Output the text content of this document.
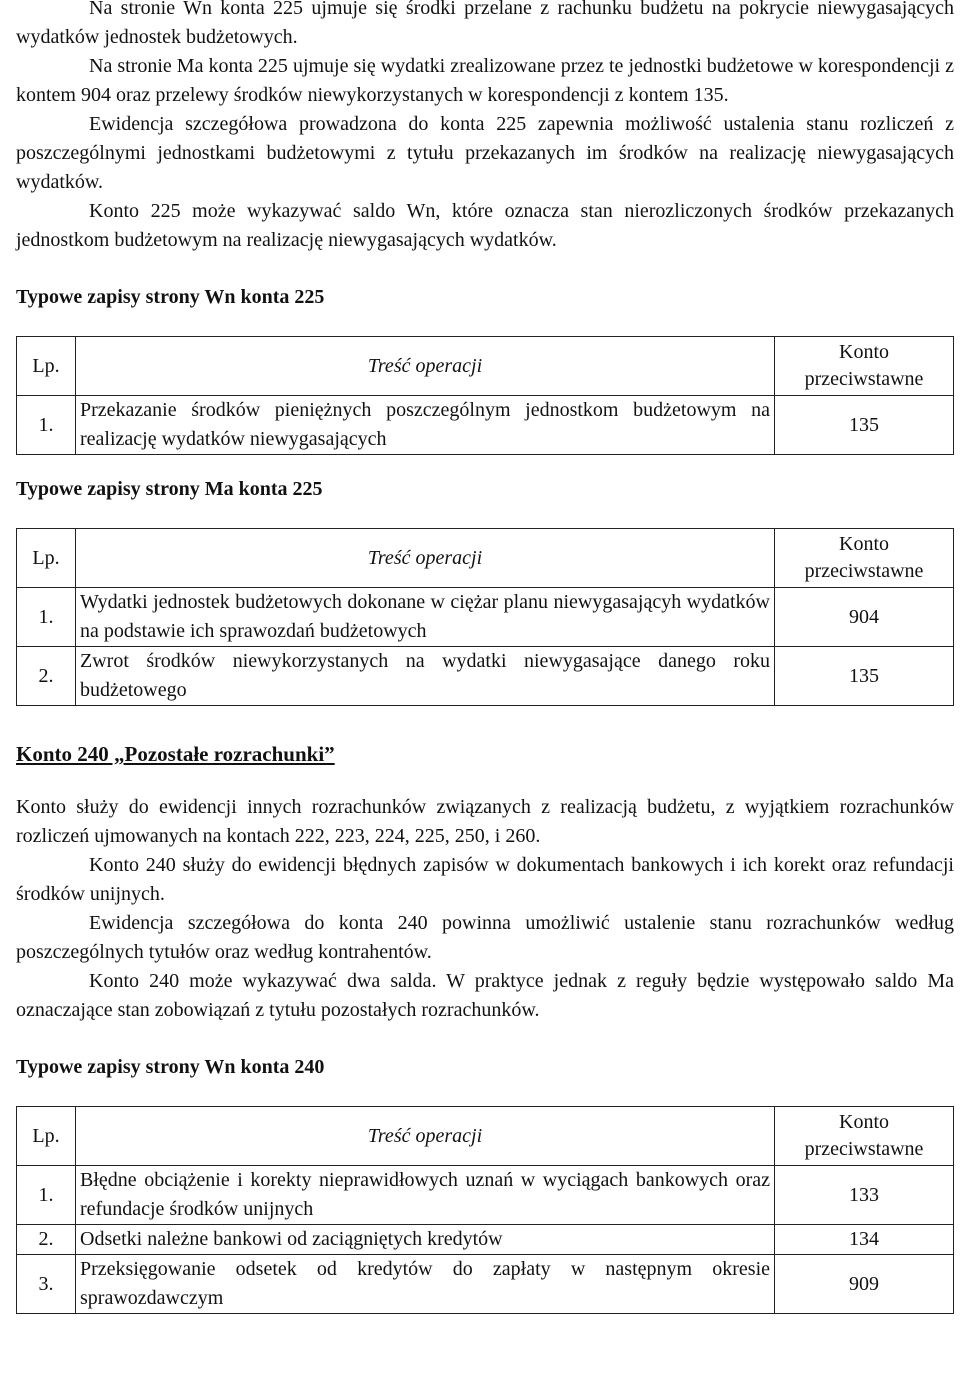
Na stronie Wn konta 225 ujmuje się środki przelane z rachunku budżetu na pokrycie niewygasających wydatków jednostek budżetowych.

Na stronie Ma konta 225 ujmuje się wydatki zrealizowane przez te jednostki budżetowe w korespondencji z kontem 904 oraz przelewy środków niewykorzystanych w korespondencji z kontem 135.

Ewidencja szczegółowa prowadzona do konta 225 zapewnia możliwość ustalenia stanu rozliczeń z poszczególnymi jednostkami budżetowymi z tytułu przekazanych im środków na realizację niewygasających wydatków.

Konto 225 może wykazywać saldo Wn, które oznacza stan nierozliczonych środków przekazanych jednostkom budżetowym na realizację niewygasających wydatków.

Typowe zapisy strony Wn konta 225
Lp.	Treść operacji	Konto
przeciwstawne
1.	Przekazanie środków pieniężnych poszczególnym jednostkom budżetowym na realizację wydatków niewygasających	135
Typowe zapisy strony Ma konta 225
Lp.	Treść operacji	Konto
przeciwstawne
1.	Wydatki jednostek budżetowych dokonane w ciężar planu niewygasającyh wydatków na podstawie ich sprawozdań budżetowych	904
2.	Zwrot środków niewykorzystanych na wydatki niewygasające danego roku budżetowego	135
Konto 240 „Pozostałe rozrachunki”

Konto służy do ewidencji innych rozrachunków związanych z realizacją budżetu, z wyjątkiem rozrachunków rozliczeń ujmowanych na kontach 222, 223, 224, 225, 250, i 260.

Konto 240 służy do ewidencji błędnych zapisów w dokumentach bankowych i ich korekt oraz refundacji środków unijnych.

Ewidencja szczegółowa do konta 240 powinna umożliwić ustalenie stanu rozrachunków według poszczególnych tytułów oraz według kontrahentów.

Konto 240 może wykazywać dwa salda. W praktyce jednak z reguły będzie występowało saldo Ma oznaczające stan zobowiązań z tytułu pozostałych rozrachunków.

Typowe zapisy strony Wn konta 240
Lp.	Treść operacji	Konto
przeciwstawne
1.	Błędne obciążenie i korekty nieprawidłowych uznań w wyciągach bankowych oraz refundacje środków unijnych	133
2.	Odsetki należne bankowi od zaciągniętych kredytów	134
3.	Przeksięgowanie odsetek od kredytów do zapłaty w następnym okresie sprawozdawczym	909
